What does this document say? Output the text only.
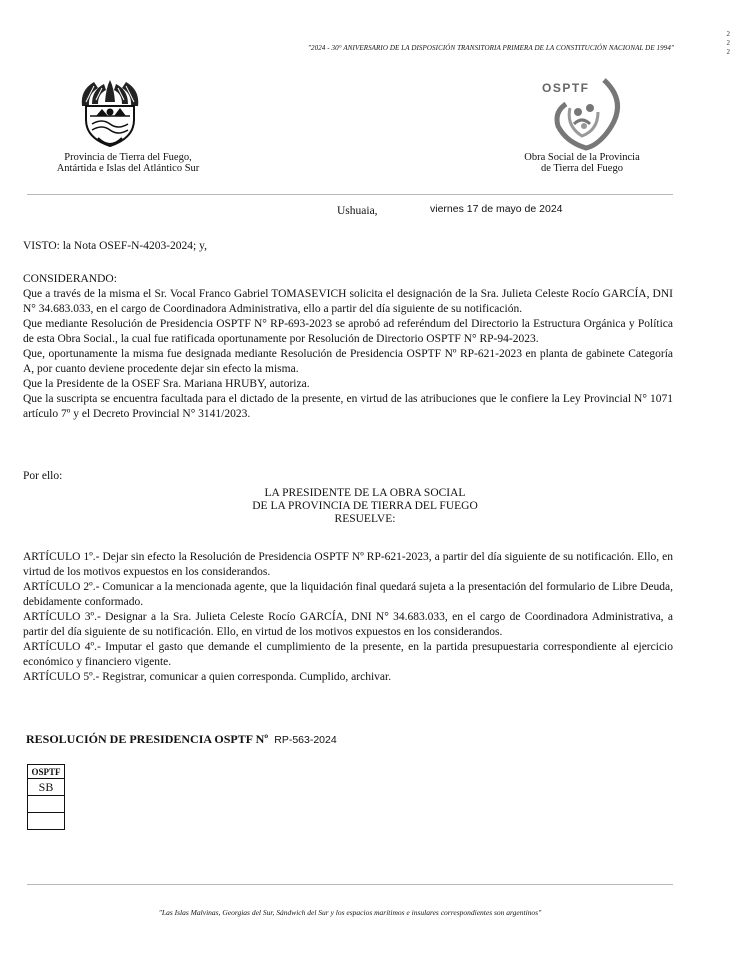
2
2
2
"2024 - 30° ANIVERSARIO DE LA DISPOSICIÓN TRANSITORIA PRIMERA DE LA CONSTITUCIÓN NACIONAL DE 1994"
Provincia de Tierra del Fuego,
Antártida e Islas del Atlántico Sur
OSPTF
Obra Social de la Provincia
de Tierra del Fuego
Ushuaia,	viernes 17 de mayo de 2024

VISTO: la Nota OSEF-N-4203-2024; y,

CONSIDERANDO:

Que a través de la misma el Sr. Vocal Franco Gabriel TOMASEVICH solicita el designación de la Sra. Julieta Celeste Rocío GARCÍA, DNI N° 34.683.033, en el cargo de Coordinadora Administrativa, ello a partir del día siguiente de su notificación.

Que mediante Resolución de Presidencia OSPTF N° RP-693-2023 se aprobó ad referéndum del Directorio la Estructura Orgánica y Política de esta Obra Social., la cual fue ratificada oportunamente por Resolución de Directorio OSPTF N° RP-94-2023.

Que, oportunamente la misma fue designada mediante Resolución de Presidencia OSPTF Nº RP-621-2023 en planta de gabinete Categoría A, por cuanto deviene procedente dejar sin efecto la misma.

Que la Presidente de la OSEF Sra. Mariana HRUBY, autoriza.

Que la suscripta se encuentra facultada para el dictado de la presente, en virtud de las atribuciones que le confiere la Ley Provincial N° 1071 artículo 7º y el Decreto Provincial N° 3141/2023.

Por ello:

LA PRESIDENTE DE LA OBRA SOCIAL

DE LA PROVINCIA DE TIERRA DEL FUEGO

RESUELVE:

ARTÍCULO 1º.- Dejar sin efecto la Resolución de Presidencia OSPTF Nº RP-621-2023, a partir del día siguiente de su notificación. Ello, en virtud de los motivos expuestos en los considerandos.

ARTÍCULO 2º.- Comunicar a la mencionada agente, que la liquidación final quedará sujeta a la presentación del formulario de Libre Deuda, debidamente conformado.

ARTÍCULO 3º.- Designar a la Sra. Julieta Celeste Rocío GARCÍA, DNI N° 34.683.033, en el cargo de Coordinadora Administrativa, a partir del día siguiente de su notificación. Ello, en virtud de los motivos expuestos en los considerandos.

ARTÍCULO 4º.- Imputar el gasto que demande el cumplimiento de la presente, en la partida presupuestaria correspondiente al ejercicio económico y financiero vigente.

ARTÍCULO 5º.- Registrar, comunicar a quien corresponda. Cumplido, archivar.

RESOLUCIÓN DE PRESIDENCIA OSPTF Nº RP-563-2024
OSPTF
SB

"Las Islas Malvinas, Georgias del Sur, Sándwich del Sur y los espacios marítimos e insulares correspondientes son argentinos"
